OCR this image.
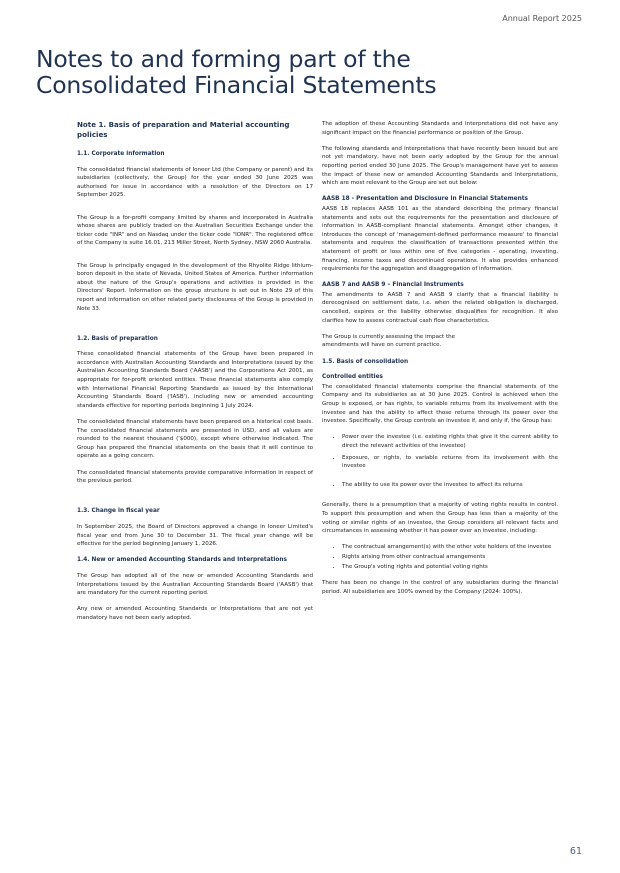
Annual Report 2025
Notes to and forming part of the
Consolidated Financial Statements
Note 1. Basis of preparation and Material accounting policies
1.1. Corporate information

The consolidated financial statements of Ioneer Ltd (the Company or parent) and its subsidiaries (collectively, the Group) for the year ended 30 June 2025 was authorised for issue in accordance with a resolution of the Directors on 17 September 2025.

The Group is a for-profit company limited by shares and incorporated in Australia whose shares are publicly traded on the Australian Securities Exchange under the ticker code "INR" and on Nasdaq under the ticker code "IONR". The registered office of the Company is suite 16.01, 213 Miller Street, North Sydney, NSW 2060 Australia.

The Group is principally engaged in the development of the Rhyolite Ridge lithium-boron deposit in the state of Nevada, United States of America. Further information about the nature of the Group's operations and activities is provided in the Directors' Report. Information on the group structure is set out in Note 29 of this report and information on other related party disclosures of the Group is provided in Note 33.

1.2. Basis of preparation

These consolidated financial statements of the Group have been prepared in accordance with Australian Accounting Standards and Interpretations issued by the Australian Accounting Standards Board ('AASB') and the Corporations Act 2001, as appropriate for for-profit oriented entities. These financial statements also comply with International Financial Reporting Standards as issued by the International Accounting Standards Board ('IASB'), including new or amended accounting standards effective for reporting periods beginning 1 July 2024.

The consolidated financial statements have been prepared on a historical cost basis. The consolidated financial statements are presented in USD, and all values are rounded to the nearest thousand ('$000), except where otherwise indicated. The Group has prepared the financial statements on the basis that it will continue to operate as a going concern.

The consolidated financial statements provide comparative information in respect of the previous period.

1.3. Change in fiscal year

In September 2025, the Board of Directors approved a change in Ioneer Limited's fiscal year end from June 30 to December 31. The fiscal year change will be effective for the period beginning January 1, 2026.

1.4. New or amended Accounting Standards and Interpretations

The Group has adopted all of the new or amended Accounting Standards and Interpretations issued by the Australian Accounting Standards Board ('AASB') that are mandatory for the current reporting period.

Any new or amended Accounting Standards or Interpretations that are not yet mandatory have not been early adopted.

The adoption of these Accounting Standards and Interpretations did not have any significant impact on the financial performance or position of the Group.

The following standards and interpretations that have recently been issued but are not yet mandatory, have not been early adopted by the Group for the annual reporting period ended 30 June 2025. The Group's management have yet to assess the impact of these new or amended Accounting Standards and Interpretations, which are most relevant to the Group are set out below:

AASB 18 - Presentation and Disclosure in Financial Statements

AASB 18 replaces AASB 101 as the standard describing the primary financial statements and sets out the requirements for the presentation and disclosure of information in AASB-compliant financial statements. Amongst other changes, it introduces the concept of 'management-defined performance measure' to financial statements and requires the classification of transactions presented within the statement of profit or loss within one of five categories - operating, investing, financing, income taxes and discontinued operations. It also provides enhanced requirements for the aggregation and disaggregation of information.

AASB 7 and AASB 9 – Financial Instruments

The amendments to AASB 7 and AASB 9 clarify that a financial liability is derecognised on settlement date, i.e. when the related obligation is discharged, cancelled, expires or the liability otherwise disqualifies for recognition. It also clarifies how to assess contractual cash flow characteristics.

The Group is currently assessing the impact the
amendments will have on current practice.

1.5. Basis of consolidation
Controlled entities

The consolidated financial statements comprise the financial statements of the Company and its subsidiaries as at 30 June 2025. Control is achieved when the Group is exposed, or has rights, to variable returns from its involvement with the investee and has the ability to affect those returns through its power over the investee. Specifically, the Group controls an investee if, and only if, the Group has:

• Power over the investee (i.e. existing rights that give it the current ability to direct the relevant activities of the investee)
• Exposure, or rights, to variable returns from its involvement with the investee
• The ability to use its power over the investee to affect its returns

Generally, there is a presumption that a majority of voting rights results in control. To support this presumption and when the Group has less than a majority of the voting or similar rights of an investee, the Group considers all relevant facts and circumstances in assessing whether it has power over an investee, including:

• The contractual arrangement(s) with the other vote holders of the investee
• Rights arising from other contractual arrangements
• The Group's voting rights and potential voting rights

There has been no change in the control of any subsidiaries during the financial period. All subsidiaries are 100% owned by the Company (2024: 100%).

61
